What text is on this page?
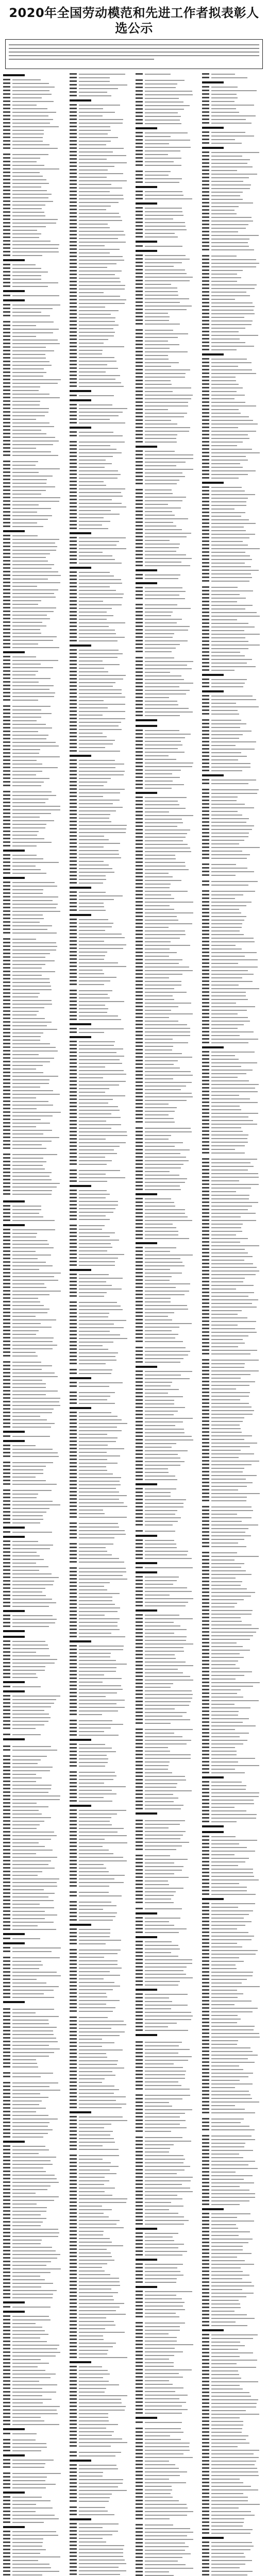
2020年全国劳动模范和先进工作者拟表彰人选公示
